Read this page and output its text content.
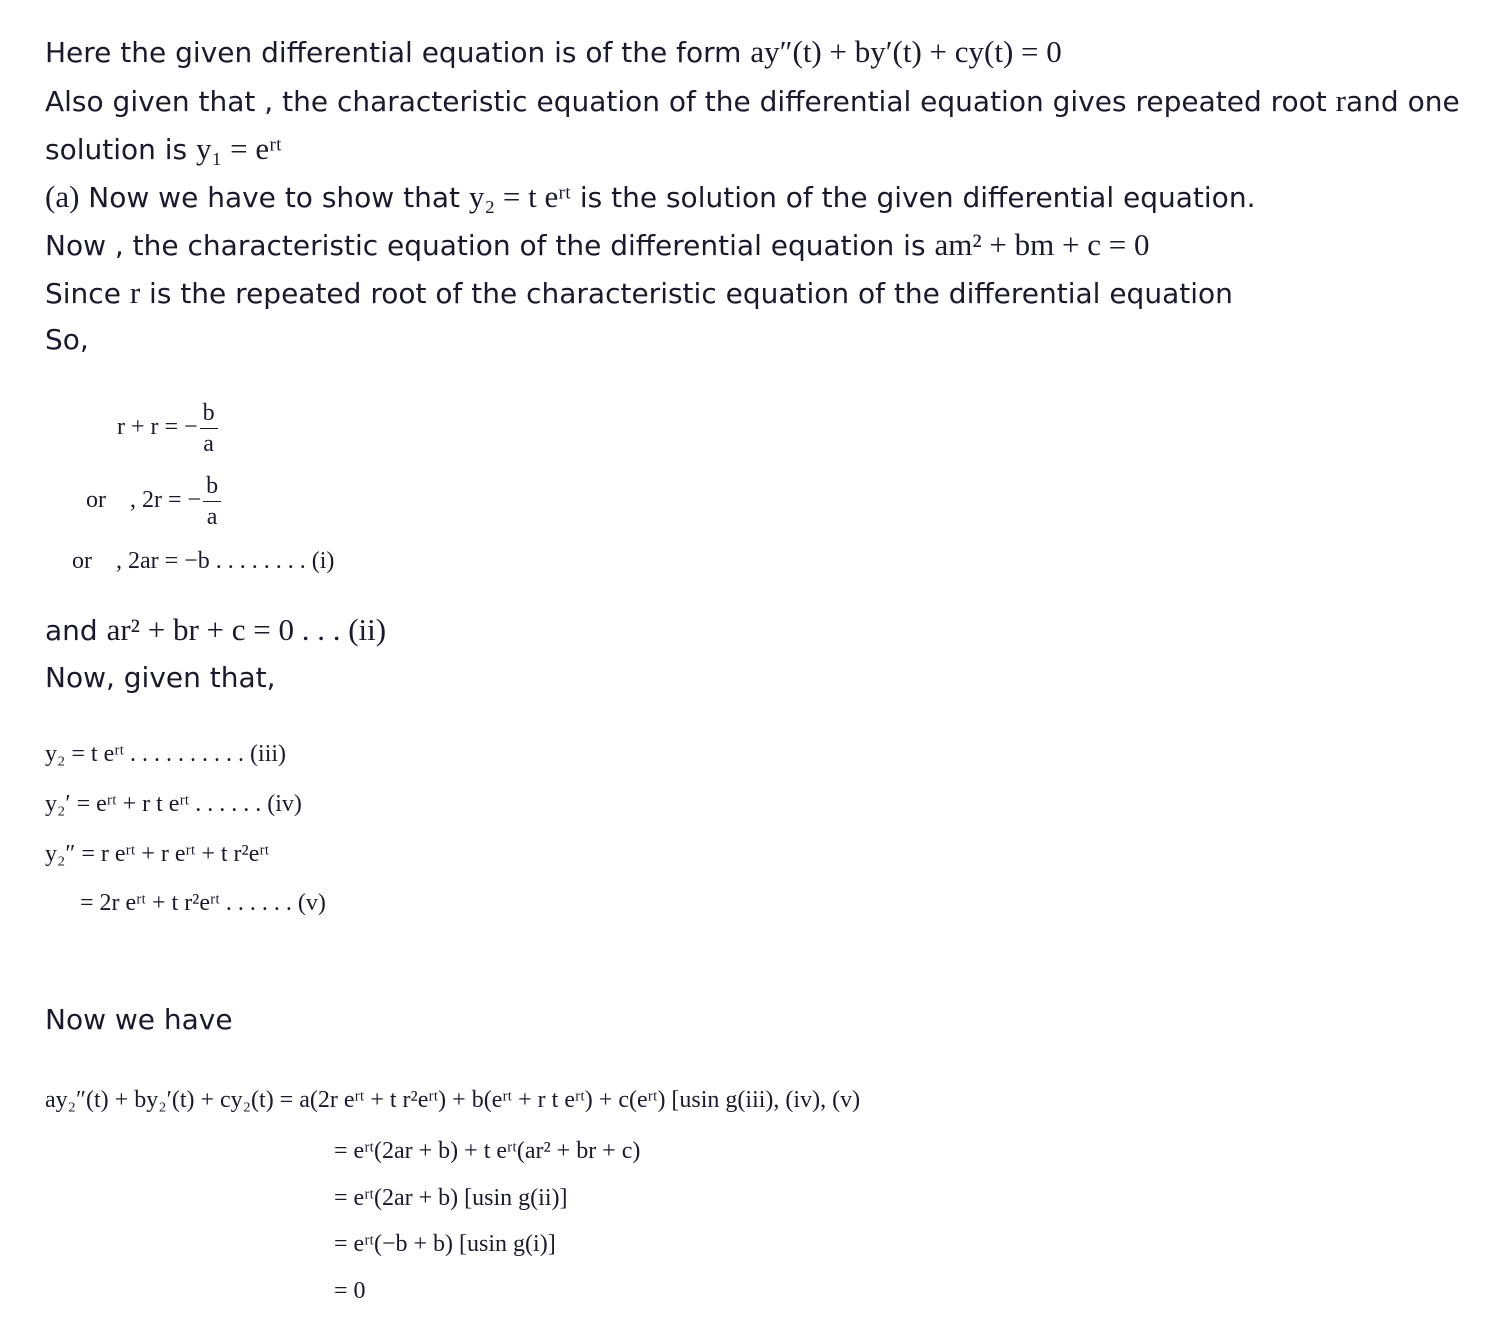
Here the given differential equation is of the form ay″(t) + by′(t) + cy(t) = 0
Also given that , the characteristic equation of the differential equation gives repeated root rand one
solution is y₁ = eʳᵗ
(a) Now we have to show that y₂ = t eʳᵗ is the solution of the given differential equation.
Now , the characteristic equation of the differential equation is am² + bm + c = 0
Since r is the repeated root of the characteristic equation of the differential equation
So,
r + r = − $\frac{b}{a}$
or , 2r = − $\frac{b}{a}$
or , 2ar = −b . . . . . . . . (i)
and ar² + br + c = 0 . . . (ii)
Now, given that,
y₂ = t eʳᵗ . . . . . . . . . . (iii)
y₂′ = eʳᵗ + r t eʳᵗ . . . . . . (iv)
y₂″ = r eʳᵗ + r eʳᵗ + t r²eʳᵗ
= 2r eʳᵗ + t r²eʳᵗ . . . . . . (v)
Now we have
ay₂″(t) + by₂′(t) + cy₂(t) = a(2r eʳᵗ + t r²eʳᵗ) + b(eʳᵗ + r t eʳᵗ) + c(eʳᵗ) [usin g(iii), (iv), (v)
= eʳᵗ(2ar + b) + t eʳᵗ(ar² + br + c)
= eʳᵗ(2ar + b) [usin g(ii)]
= eʳᵗ(−b + b) [usin g(i)]
= 0
